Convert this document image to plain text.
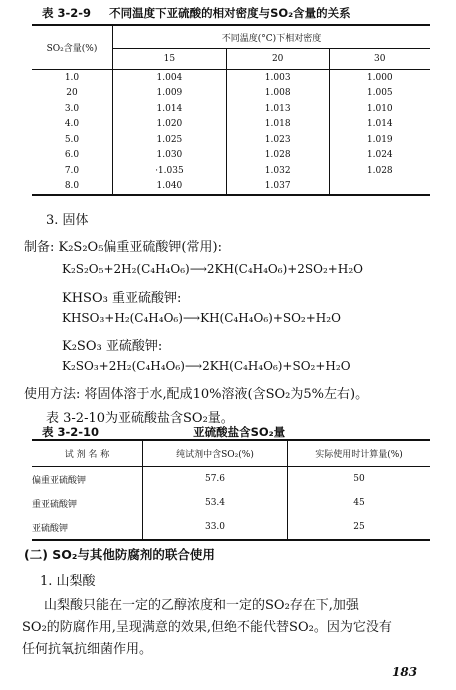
表 3-2-9 不同温度下亚硫酸的相对密度与SO₂含量的关系
SO₂含量(%)	不同温度(°C)下相对密度		
	15	20	30
1.0	1.004	1.003	1.000
20	1.009	1.008	1.005
3.0	1.014	1.013	1.010
4.0	1.020	1.018	1.014
5.0	1.025	1.023	1.019
6.0	1.030	1.028	1.024
7.0	·1.035	1.032	1.028
8.0	1.040	1.037	
3. 固体
制备: K₂S₂O₅偏重亚硫酸钾(常用):
K₂S₂O₅+2H₂(C₄H₄O₆)⟶2KH(C₄H₄O₆)+2SO₂+H₂O
KHSO₃ 重亚硫酸钾:
KHSO₃+H₂(C₄H₄O₆)⟶KH(C₄H₄O₆)+SO₂+H₂O
K₂SO₃ 亚硫酸钾:
K₂SO₃+2H₂(C₄H₄O₆)⟶2KH(C₄H₄O₆)+SO₂+H₂O
使用方法: 将固体溶于水,配成10%溶液(含SO₂为5%左右)。
表 3-2-10为亚硫酸盐含SO₂量。
表 3-2-10	亚硫酸盐含SO₂量
试 剂 名 称	纯试剂中含SO₂(%)	实际使用时计算量(%)
偏重亚硫酸钾	57.6	50
重亚硫酸钾	53.4	45
亚硫酸钾	33.0	25
(二) SO₂与其他防腐剂的联合使用
1. 山梨酸
山梨酸只能在一定的乙醇浓度和一定的SO₂存在下,加强
SO₂的防腐作用,呈现满意的效果,但绝不能代替SO₂。因为它没有
任何抗氧抗细菌作用。
183
